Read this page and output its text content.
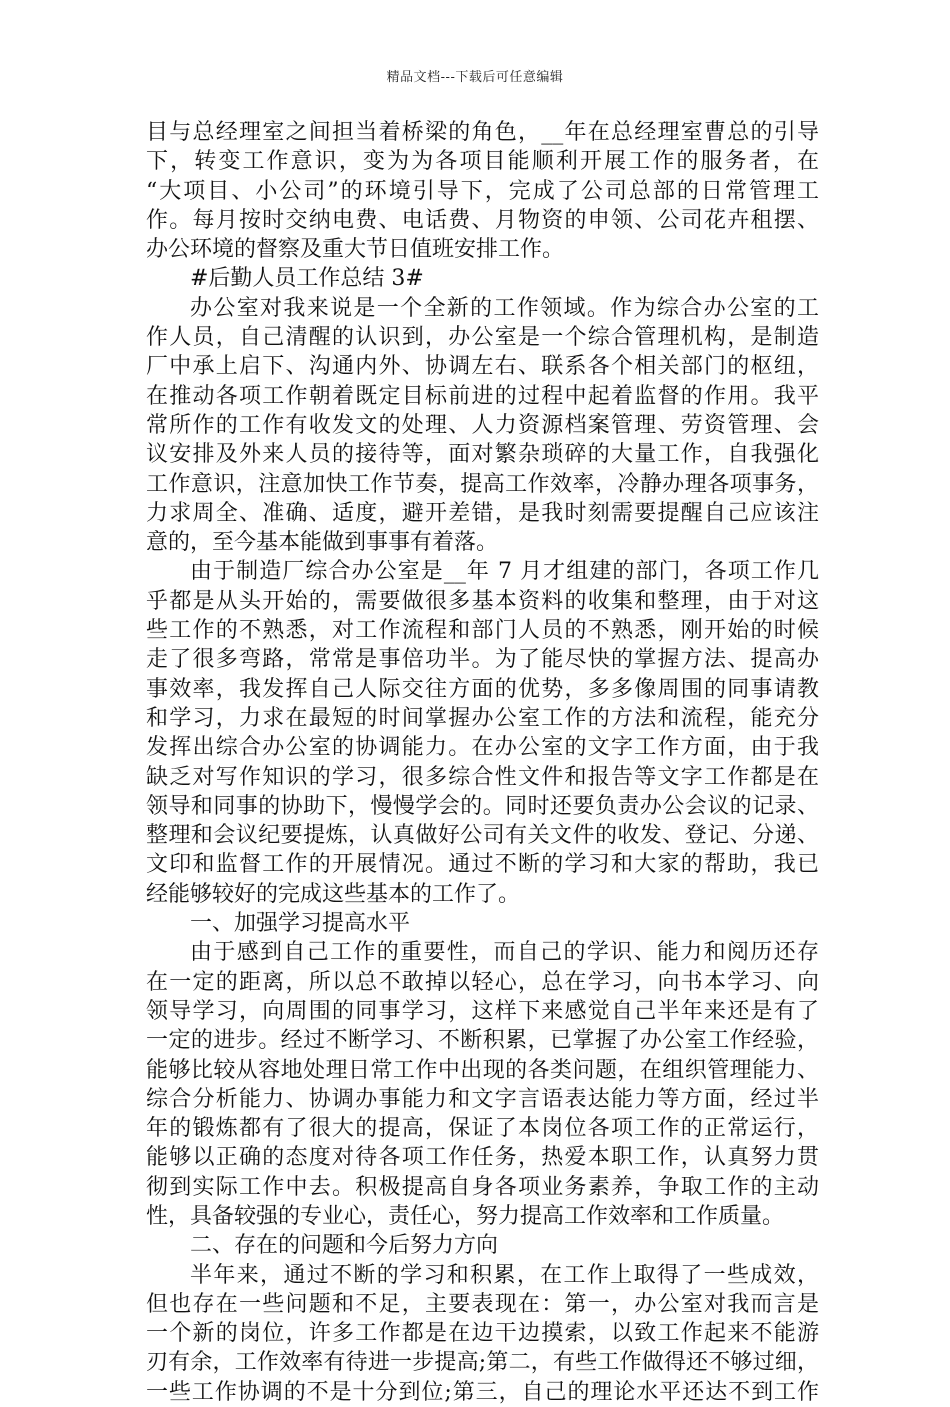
精品文档---下载后可任意编辑
目与总经理室之间担当着桥梁的角色，__年在总经理室曹总的引导
下，转变工作意识，变为为各项目能顺利开展工作的服务者，在
“大项目、小公司”的环境引导下，完成了公司总部的日常管理工
作。每月按时交纳电费、电话费、月物资的申领、公司花卉租摆、
办公环境的督察及重大节日值班安排工作。
#后勤人员工作总结 3#
办公室对我来说是一个全新的工作领域。作为综合办公室的工
作人员，自己清醒的认识到，办公室是一个综合管理机构，是制造
厂中承上启下、沟通内外、协调左右、联系各个相关部门的枢纽，
在推动各项工作朝着既定目标前进的过程中起着监督的作用。我平
常所作的工作有收发文的处理、人力资源档案管理、劳资管理、会
议安排及外来人员的接待等，面对繁杂琐碎的大量工作，自我强化
工作意识，注意加快工作节奏，提高工作效率，冷静办理各项事务，
力求周全、准确、适度，避开差错，是我时刻需要提醒自己应该注
意的，至今基本能做到事事有着落。
由于制造厂综合办公室是__年 7 月才组建的部门，各项工作几
乎都是从头开始的，需要做很多基本资料的收集和整理，由于对这
些工作的不熟悉，对工作流程和部门人员的不熟悉，刚开始的时候
走了很多弯路，常常是事倍功半。为了能尽快的掌握方法、提高办
事效率，我发挥自己人际交往方面的优势，多多像周围的同事请教
和学习，力求在最短的时间掌握办公室工作的方法和流程，能充分
发挥出综合办公室的协调能力。在办公室的文字工作方面，由于我
缺乏对写作知识的学习，很多综合性文件和报告等文字工作都是在
领导和同事的协助下，慢慢学会的。同时还要负责办公会议的记录、
整理和会议纪要提炼，认真做好公司有关文件的收发、登记、分递、
文印和监督工作的开展情况。通过不断的学习和大家的帮助，我已
经能够较好的完成这些基本的工作了。
一、加强学习提高水平
由于感到自己工作的重要性，而自己的学识、能力和阅历还存
在一定的距离，所以总不敢掉以轻心，总在学习，向书本学习、向
领导学习，向周围的同事学习，这样下来感觉自己半年来还是有了
一定的进步。经过不断学习、不断积累，已掌握了办公室工作经验，
能够比较从容地处理日常工作中出现的各类问题，在组织管理能力、
综合分析能力、协调办事能力和文字言语表达能力等方面，经过半
年的锻炼都有了很大的提高，保证了本岗位各项工作的正常运行，
能够以正确的态度对待各项工作任务，热爱本职工作，认真努力贯
彻到实际工作中去。积极提高自身各项业务素养，争取工作的主动
性，具备较强的专业心，责任心，努力提高工作效率和工作质量。
二、存在的问题和今后努力方向
半年来，通过不断的学习和积累，在工作上取得了一些成效，
但也存在一些问题和不足，主要表现在：第一，办公室对我而言是
一个新的岗位，许多工作都是在边干边摸索，以致工作起来不能游
刃有余，工作效率有待进一步提高;第二，有些工作做得还不够过细，
一些工作协调的不是十分到位;第三，自己的理论水平还达不到工作
